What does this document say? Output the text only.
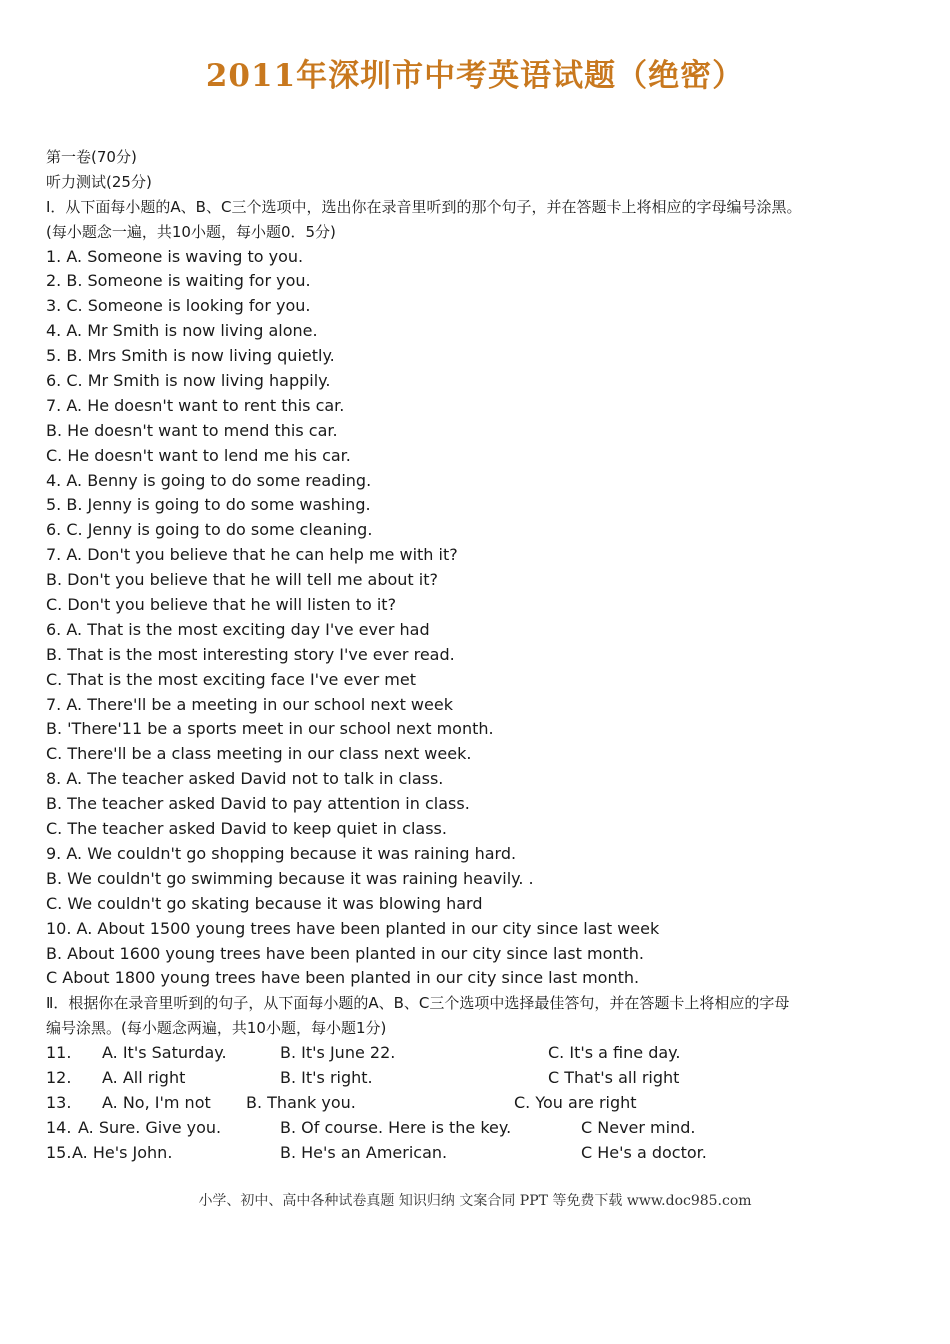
2011年深圳市中考英语试题（绝密）
第一卷(70分)
听力测试(25分)
I．从下面每小题的A、B、C三个选项中，选出你在录音里听到的那个句子，并在答题卡上将相应的字母编号涂黑。
(每小题念一遍，共10小题，每小题0．5分)
1. A. Someone is waving to you.
2. B. Someone is waiting for you.
3. C. Someone is looking for you.
4. A. Mr Smith is now living alone.
5. B. Mrs Smith is now living quietly.
6. C. Mr Smith is now living happily.
7. A. He doesn't want to rent this car.
B. He doesn't want to mend this car.
C. He doesn't want to lend me his car.
4. A. Benny is going to do some reading.
5. B. Jenny is going to do some washing.
6. C. Jenny is going to do some cleaning.
7. A. Don't you believe that he can help me with it?
B. Don't you believe that he will tell me about it?
C. Don't you believe that he will listen to it?
6. A. That is the most exciting day I've ever had
B. That is the most interesting story I've ever read.
C. That is the most exciting face I've ever met
7. A. There'll be a meeting in our school next week
B. 'There'11 be a sports meet in our school next month.
C. There'll be a class meeting in our class next week.
8. A. The teacher asked David not to talk in class.
B. The teacher asked David to pay attention in class.
C. The teacher asked David to keep quiet in class.
9. A. We couldn't go shopping because it was raining hard.
B. We couldn't go swimming because it was raining heavily. .
C. We couldn't go skating because it was blowing hard
10. A. About 1500 young trees have been planted in our city since last week
B. About 1600 young trees have been planted in our city since last month.
C About 1800 young trees have been planted in our city since last month.
Ⅱ．根据你在录音里听到的句子，从下面每小题的A、B、C三个选项中选择最佳答句，并在答题卡上将相应的字母
编号涂黑。(每小题念两遍，共10小题，每小题1分)
11. A. It's Saturday.	B. It's June 22.	C. It's a fine day.
12. A. All right	B. It's right.	C That's all right
13. A. No, I'm not B. Thank you.	C. You are right
14. A. Sure. Give you.	B. Of course. Here is the key.	C Never mind.
15. A. He's John.	B. He's an American.	C He's a doctor.
小学、初中、高中各种试卷真题 知识归纳 文案合同 PPT 等免费下载 www.doc985.com
